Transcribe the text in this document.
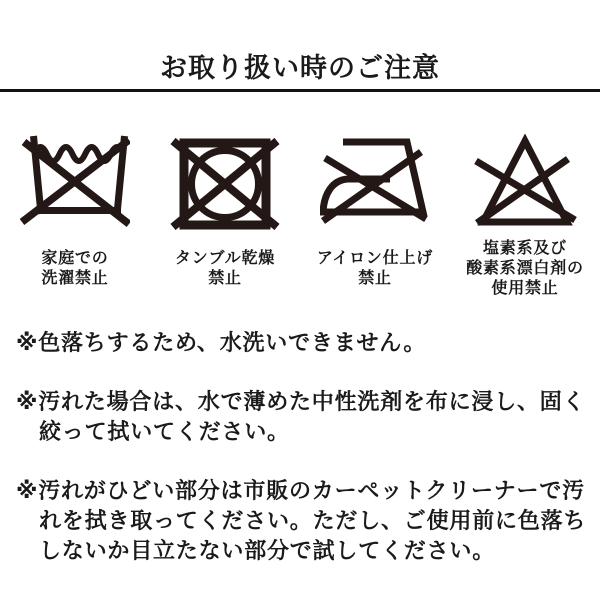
お取り扱い時のご注意
家庭での
洗濯禁止
タンブル乾燥
禁止
アイロン仕上げ
禁止
塩素系及び
酸素系漂白剤の
使用禁止
※色落ちするため、水洗いできません。
※汚れた場合は、水で薄めた中性洗剤を布に浸し、固く
絞って拭いてください。
※汚れがひどい部分は市販のカーペットクリーナーで汚
れを拭き取ってください。ただし、ご使用前に色落ち
しないか目立たない部分で試してください。
